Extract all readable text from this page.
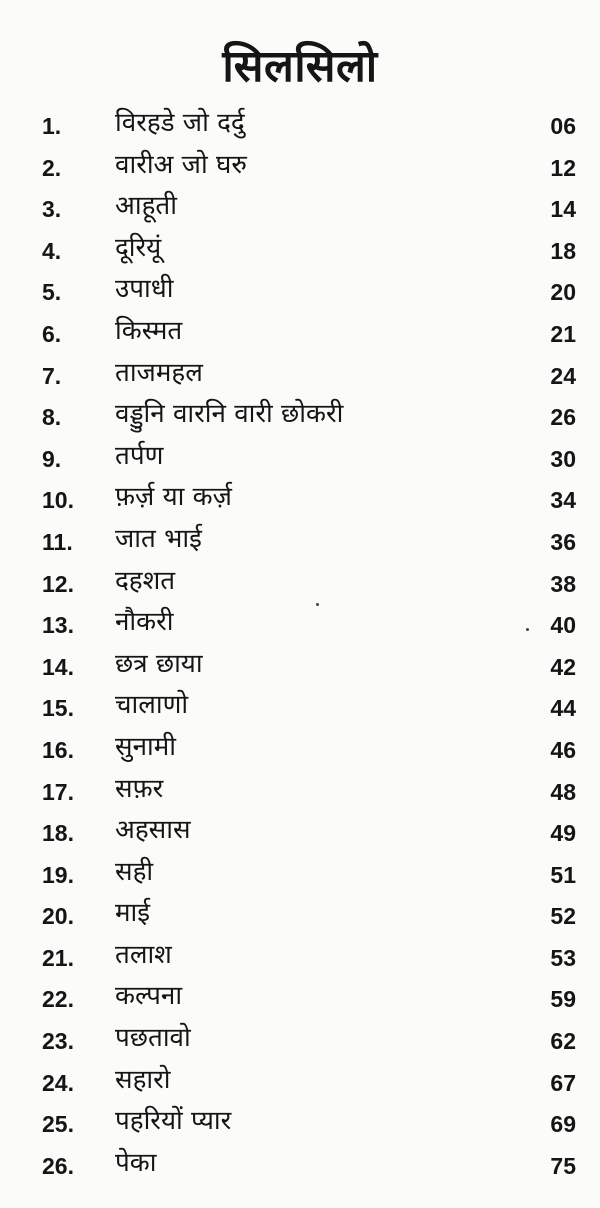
सिलसिलो
1. विरहडे जो दर्दु	06
2. वारीअ जो घरु	12
3. आहूती	14
4. दूरियूं	18
5. उपाधी	20
6. किस्मत	21
7. ताजमहल	24
8. वड्डुनि वारनि वारी छोकरी	26
9. तर्पण	30
10. फ़र्ज़ या कर्ज़	34
11. जात भाई	36
12. दहशत	38
13. नौकरी	40
14. छत्र छाया	42
15. चालाणो	44
16. सुनामी	46
17. सफ़र	48
18. अहसास	49
19. सही	51
20. माई	52
21. तलाश	53
22. कल्पना	59
23. पछतावो	62
24. सहारो	67
25. पहरियों प्यार	69
26. पेका	75
